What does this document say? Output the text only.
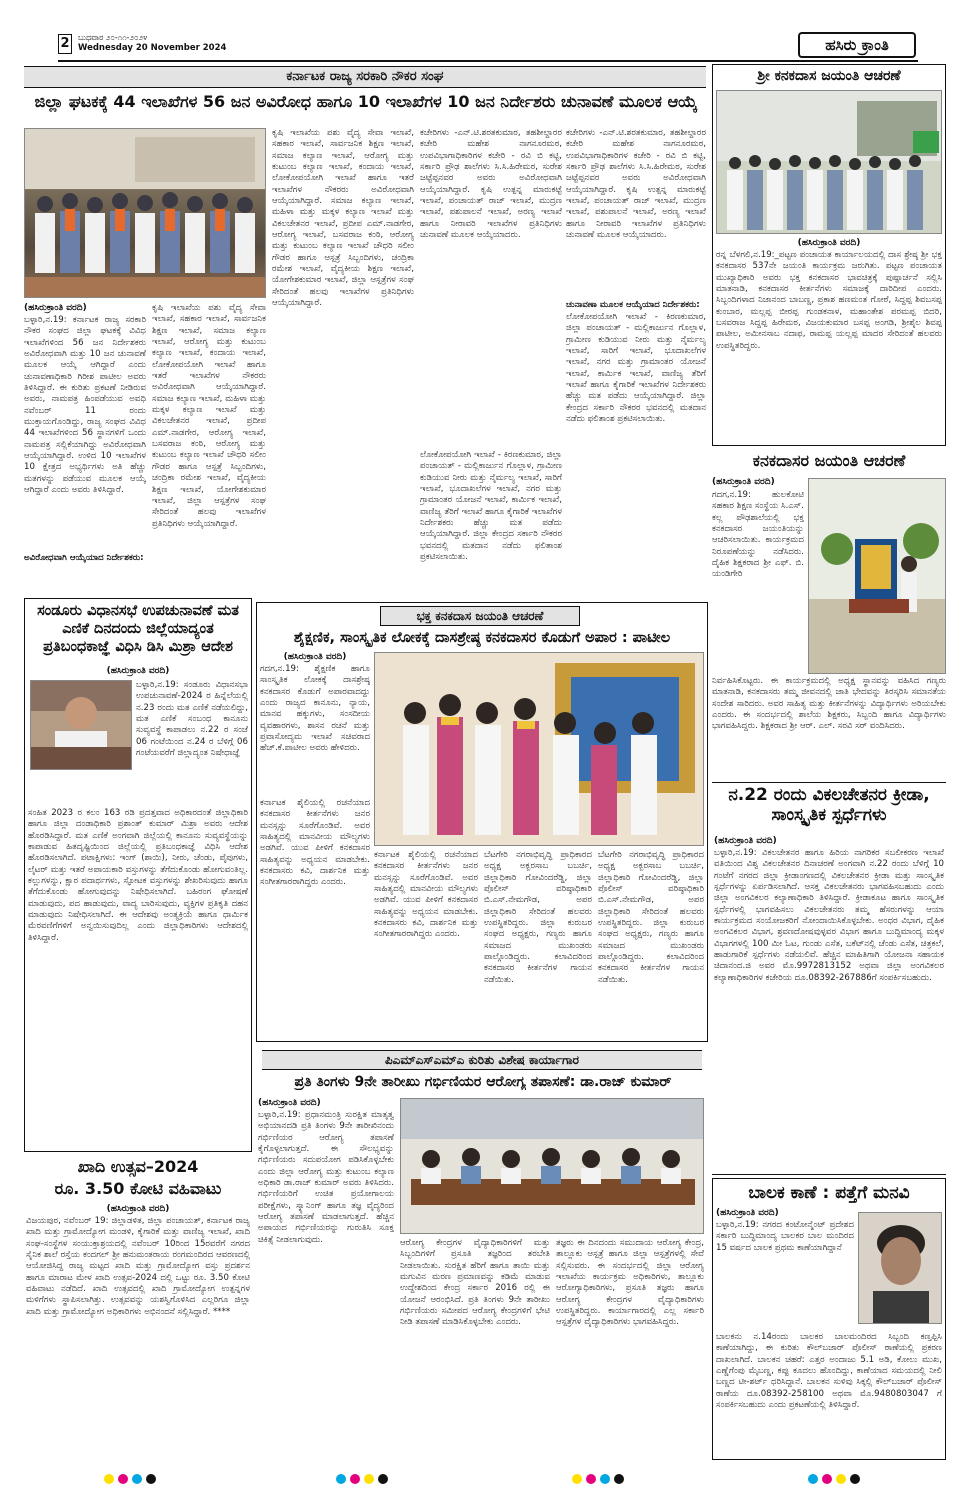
2	ಬುಧವಾರ ೨೦-೧೧-೨೦೨೪
Wednesday 20 November 2024	ಹಸಿರು ಕ್ರಾಂತಿ
ಕರ್ನಾಟಕ ರಾಜ್ಯ ಸರಕಾರಿ ನೌಕರ ಸಂಘ
ಜಿಲ್ಲಾ ಘಟಕಕ್ಕೆ 44 ಇಲಾಖೆಗಳ 56 ಜನ ಅವಿರೋಧ ಹಾಗೂ 10 ಇಲಾಖೆಗಳ 10 ಜನ ನಿರ್ದೇಶರು ಚುನಾವಣೆ ಮೂಲಕ ಆಯ್ಕೆ
(ಹಸಿರುಕ್ರಾಂತಿ ವರದಿ)
ಬಳ್ಳಾರಿ,ನ.19: ಕರ್ನಾಟಕ ರಾಜ್ಯ ಸರಕಾರಿ ನೌಕರ ಸಂಘದ ಜಿಲ್ಲಾ ಘಟಕಕ್ಕೆ ವಿವಿಧ ಇಲಾಖೆಗಳಿಂದ 56 ಜನ ನಿರ್ದೇಶಕರು ಅವಿರೋಧವಾಗಿ ಮತ್ತು 10 ಜನ ಚುನಾವಣೆ ಮೂಲಕ ಆಯ್ಕೆ ಆಗಿದ್ದಾರೆ ಎಂದು ಚುನಾವಣಾಧಿಕಾರಿ ಗಿರೀಶ ಪಾಟೀಲ ಅವರು ತಿಳಿಸಿದ್ದಾರೆ. ಈ ಕುರಿತು ಪ್ರಕಟಣೆ ನೀಡಿರುವ ಅವರು, ನಾಮಪತ್ರ ಹಿಂಪಡೆಯುವ ಅವಧಿ ನವೆಂಬರ್ 11 ರಂದು ಮುಕ್ತಾಯಗೊಂಡಿದ್ದು, ರಾಜ್ಯ ಸಂಘದ ವಿವಿಧ 44 ಇಲಾಖೆಗಳಿಂದ 56 ಸ್ಥಾನಗಳಿಗೆ ಒಂದು ನಾಮಪತ್ರ ಸಲ್ಲಿಕೆಯಾಗಿದ್ದು ಅವಿರೋಧವಾಗಿ ಆಯ್ಕೆಯಾಗಿದ್ದಾರೆ. ಉಳಿದ 10 ಇಲಾಖೆಗಳ 10 ಕ್ಷೇತ್ರದ ಅಭ್ಯರ್ಥಿಗಳು ಅತಿ ಹೆಚ್ಚು ಮತಗಳನ್ನು ಪಡೆಯುವ ಮೂಲಕ ಆಯ್ಕೆ ಆಗಿದ್ದಾರೆ ಎಂದು ಅವರು ತಿಳಿಸಿದ್ದಾರೆ.
ಅವಿರೋಧವಾಗಿ ಆಯ್ಕೆಯಾದ ನಿರ್ದೇಶಕರು:
ಕೃಷಿ ಇಲಾಖೆಯ ಪಶು ವೈದ್ಯ ಸೇವಾ ಇಲಾಖೆ, ಸಹಕಾರ ಇಲಾಖೆ, ಸಾರ್ವಜನಿಕ ಶಿಕ್ಷಣ ಇಲಾಖೆ, ಸಮಾಜ ಕಲ್ಯಾಣ ಇಲಾಖೆ, ಆರೋಗ್ಯ ಮತ್ತು ಕುಟುಂಬ ಕಲ್ಯಾಣ ಇಲಾಖೆ, ಕಂದಾಯ ಇಲಾಖೆ, ಲೋಕೋಪಯೋಗಿ ಇಲಾಖೆ ಹಾಗೂ ಇತರೆ ಇಲಾಖೆಗಳ ನೌಕರರು ಅವಿರೋಧವಾಗಿ ಆಯ್ಕೆಯಾಗಿದ್ದಾರೆ. ಸಮಾಜ ಕಲ್ಯಾಣ ಇಲಾಖೆ, ಮಹಿಳಾ ಮತ್ತು ಮಕ್ಕಳ ಕಲ್ಯಾಣ ಇಲಾಖೆ ಮತ್ತು ವಿಕಲಚೇತನರ ಇಲಾಖೆ, ಪ್ರದೀಪ ಎಮ್.ನಾಡಗೇರ, ಆರೋಗ್ಯ ಇಲಾಖೆ, ಬಸವರಾಜ ಕಂಠಿ, ಆರೋಗ್ಯ ಮತ್ತು ಕುಟುಂಬ ಕಲ್ಯಾಣ ಇಲಾಖೆ ಚೌಧರಿ ಸಲೀಂ ಗೌಡರ ಹಾಗೂ ಆಸ್ಪತ್ರೆ ಸಿಬ್ಬಂದಿಗಳು, ಚಂದ್ರಿಕಾ ರಮೇಶ ಇಲಾಖೆ, ವೈದ್ಯಕೀಯ ಶಿಕ್ಷಣ ಇಲಾಖೆ, ಯೋಗೇಶಕುಮಾರ ಇಲಾಖೆ, ಜಿಲ್ಲಾ ಆಸ್ಪತ್ರೆಗಳ ಸಂಘ ಸೇರಿದಂತೆ ಹಲವು ಇಲಾಖೆಗಳ ಪ್ರತಿನಿಧಿಗಳು ಆಯ್ಕೆಯಾಗಿದ್ದಾರೆ.
ಕೃಷಿ ಇಲಾಖೆಯ ಪಶು ವೈದ್ಯ ಸೇವಾ ಇಲಾಖೆ, ಸಹಕಾರ ಇಲಾಖೆ, ಸಾರ್ವಜನಿಕ ಶಿಕ್ಷಣ ಇಲಾಖೆ, ಸಮಾಜ ಕಲ್ಯಾಣ ಇಲಾಖೆ, ಆರೋಗ್ಯ ಮತ್ತು ಕುಟುಂಬ ಕಲ್ಯಾಣ ಇಲಾಖೆ, ಕಂದಾಯ ಇಲಾಖೆ, ಲೋಕೋಪಯೋಗಿ ಇಲಾಖೆ ಹಾಗೂ ಇತರೆ ಇಲಾಖೆಗಳ ನೌಕರರು ಅವಿರೋಧವಾಗಿ ಆಯ್ಕೆಯಾಗಿದ್ದಾರೆ. ಸಮಾಜ ಕಲ್ಯಾಣ ಇಲಾಖೆ, ಮಹಿಳಾ ಮತ್ತು ಮಕ್ಕಳ ಕಲ್ಯಾಣ ಇಲಾಖೆ ಮತ್ತು ವಿಕಲಚೇತನರ ಇಲಾಖೆ, ಪ್ರದೀಪ ಎಮ್.ನಾಡಗೇರ, ಆರೋಗ್ಯ ಇಲಾಖೆ, ಬಸವರಾಜ ಕಂಠಿ, ಆರೋಗ್ಯ ಮತ್ತು ಕುಟುಂಬ ಕಲ್ಯಾಣ ಇಲಾಖೆ ಚೌಧರಿ ಸಲೀಂ ಗೌಡರ ಹಾಗೂ ಆಸ್ಪತ್ರೆ ಸಿಬ್ಬಂದಿಗಳು, ಚಂದ್ರಿಕಾ ರಮೇಶ ಇಲಾಖೆ, ವೈದ್ಯಕೀಯ ಶಿಕ್ಷಣ ಇಲಾಖೆ, ಯೋಗೇಶಕುಮಾರ ಇಲಾಖೆ, ಜಿಲ್ಲಾ ಆಸ್ಪತ್ರೆಗಳ ಸಂಘ ಸೇರಿದಂತೆ ಹಲವು ಇಲಾಖೆಗಳ ಪ್ರತಿನಿಧಿಗಳು ಆಯ್ಕೆಯಾಗಿದ್ದಾರೆ.
ಕಚೇರಿಗಳು -ಎನ್.ಟಿ.ಶರತಕುಮಾರ, ತಹಶೀಲ್ದಾರರ ಕಚೇರಿ ಮಹೇಶ ನಾಗನೂರಮಠ, ಉಪವಿಭಾಗಾಧಿಕಾರಿಗಳ ಕಚೇರಿ - ರವಿ ಬಿ ಕಟ್ಟಿ, ಸರ್ಕಾರಿ ಪ್ರೌಢ ಶಾಲೆಗಳು ಸಿ.ಸಿ.ಹಿರೇಮಠ, ಸುರೇಶ ಜಟ್ಟೆಪ್ಪನವರ ಅವರು ಅವಿರೋಧವಾಗಿ ಆಯ್ಕೆಯಾಗಿದ್ದಾರೆ. ಕೃಷಿ ಉತ್ಪನ್ನ ಮಾರುಕಟ್ಟೆ ಇಲಾಖೆ, ಪಂಚಾಯತ್ ರಾಜ್ ಇಲಾಖೆ, ಮುದ್ರಣ ಇಲಾಖೆ, ಪಶುಪಾಲನೆ ಇಲಾಖೆ, ಅರಣ್ಯ ಇಲಾಖೆ ಹಾಗೂ ನೀರಾವರಿ ಇಲಾಖೆಗಳ ಪ್ರತಿನಿಧಿಗಳು ಚುನಾವಣೆ ಮೂಲಕ ಆಯ್ಕೆಯಾದರು.
ಚುನಾವಣಾ ಮೂಲಕ ಆಯ್ಕೆಯಾದ ನಿರ್ದೇಶಕರು:
ಕಚೇರಿಗಳು -ಎನ್.ಟಿ.ಶರತಕುಮಾರ, ತಹಶೀಲ್ದಾರರ ಕಚೇರಿ ಮಹೇಶ ನಾಗನೂರಮಠ, ಉಪವಿಭಾಗಾಧಿಕಾರಿಗಳ ಕಚೇರಿ - ರವಿ ಬಿ ಕಟ್ಟಿ, ಸರ್ಕಾರಿ ಪ್ರೌಢ ಶಾಲೆಗಳು ಸಿ.ಸಿ.ಹಿರೇಮಠ, ಸುರೇಶ ಜಟ್ಟೆಪ್ಪನವರ ಅವರು ಅವಿರೋಧವಾಗಿ ಆಯ್ಕೆಯಾಗಿದ್ದಾರೆ. ಕೃಷಿ ಉತ್ಪನ್ನ ಮಾರುಕಟ್ಟೆ ಇಲಾಖೆ, ಪಂಚಾಯತ್ ರಾಜ್ ಇಲಾಖೆ, ಮುದ್ರಣ ಇಲಾಖೆ, ಪಶುಪಾಲನೆ ಇಲಾಖೆ, ಅರಣ್ಯ ಇಲಾಖೆ ಹಾಗೂ ನೀರಾವರಿ ಇಲಾಖೆಗಳ ಪ್ರತಿನಿಧಿಗಳು ಚುನಾವಣೆ ಮೂಲಕ ಆಯ್ಕೆಯಾದರು.
ಲೋಕೋಪಯೋಗಿ ಇಲಾಖೆ - ಕಿರಣಕುಮಾರ, ಜಿಲ್ಲಾ ಪಂಚಾಯತ್ - ಮಲ್ಲಿಕಾರ್ಜುನ ಗೊಲ್ಲಾಳ, ಗ್ರಾಮೀಣ ಕುಡಿಯುವ ನೀರು ಮತ್ತು ನೈರ್ಮಲ್ಯ ಇಲಾಖೆ, ಸಾರಿಗೆ ಇಲಾಖೆ, ಭೂದಾಖಲೆಗಳ ಇಲಾಖೆ, ನಗರ ಮತ್ತು ಗ್ರಾಮಾಂತರ ಯೋಜನೆ ಇಲಾಖೆ, ಕಾರ್ಮಿಕ ಇಲಾಖೆ, ವಾಣಿಜ್ಯ ತೆರಿಗೆ ಇಲಾಖೆ ಹಾಗೂ ಕೈಗಾರಿಕೆ ಇಲಾಖೆಗಳ ನಿರ್ದೇಶಕರು ಹೆಚ್ಚು ಮತ ಪಡೆದು ಆಯ್ಕೆಯಾಗಿದ್ದಾರೆ. ಜಿಲ್ಲಾ ಕೇಂದ್ರದ ಸರ್ಕಾರಿ ನೌಕರರ ಭವನದಲ್ಲಿ ಮತದಾನ ನಡೆದು ಫಲಿತಾಂಶ ಪ್ರಕಟಿಸಲಾಯಿತು.
ಲೋಕೋಪಯೋಗಿ ಇಲಾಖೆ - ಕಿರಣಕುಮಾರ, ಜಿಲ್ಲಾ ಪಂಚಾಯತ್ - ಮಲ್ಲಿಕಾರ್ಜುನ ಗೊಲ್ಲಾಳ, ಗ್ರಾಮೀಣ ಕುಡಿಯುವ ನೀರು ಮತ್ತು ನೈರ್ಮಲ್ಯ ಇಲಾಖೆ, ಸಾರಿಗೆ ಇಲಾಖೆ, ಭೂದಾಖಲೆಗಳ ಇಲಾಖೆ, ನಗರ ಮತ್ತು ಗ್ರಾಮಾಂತರ ಯೋಜನೆ ಇಲಾಖೆ, ಕಾರ್ಮಿಕ ಇಲಾಖೆ, ವಾಣಿಜ್ಯ ತೆರಿಗೆ ಇಲಾಖೆ ಹಾಗೂ ಕೈಗಾರಿಕೆ ಇಲಾಖೆಗಳ ನಿರ್ದೇಶಕರು ಹೆಚ್ಚು ಮತ ಪಡೆದು ಆಯ್ಕೆಯಾಗಿದ್ದಾರೆ. ಜಿಲ್ಲಾ ಕೇಂದ್ರದ ಸರ್ಕಾರಿ ನೌಕರರ ಭವನದಲ್ಲಿ ಮತದಾನ ನಡೆದು ಫಲಿತಾಂಶ ಪ್ರಕಟಿಸಲಾಯಿತು.
ಶ್ರೀ ಕನಕದಾಸ ಜಯಂತಿ ಆಚರಣೆ
(ಹಸಿರುಕ್ರಾಂತಿ ವರದಿ)
ರನ್ನ ಬೆಳಗಲಿ,ನ.19:_ಪಟ್ಟಣ ಪಂಚಾಯತ ಕಾರ್ಯಾಲಯದಲ್ಲಿ ದಾಸ ಶ್ರೇಷ್ಠ ಶ್ರೀ ಭಕ್ತ ಕನಕದಾಸರ 537ನೇ ಜಯಂತಿ ಕಾರ್ಯಕ್ರಮ ಜರುಗಿತು. ಪಟ್ಟಣ ಪಂಚಾಯತ ಮುಖ್ಯಾಧಿಕಾರಿ ಅವರು ಭಕ್ತ ಕನಕದಾಸರ ಭಾವಚಿತ್ರಕ್ಕೆ ಪುಷ್ಪಾರ್ಚನೆ ಸಲ್ಲಿಸಿ ಮಾತನಾಡಿ, ಕನಕದಾಸರ ಕೀರ್ತನೆಗಳು ಸಮಾಜಕ್ಕೆ ದಾರಿದೀಪ ಎಂದರು. ಸಿಬ್ಬಂದಿಗಳಾದ ನಿಜಾನಂದ ಬಾಬಣ್ಣ, ಪ್ರಕಾಶ ಹಣಮಂತ ಗೋಠೆ, ಸಿದ್ದಪ್ಪ ಶಿವಬಸಪ್ಪ ಕುಂಬಾರ, ಮಲ್ಲಪ್ಪ ಬೀರಪ್ಪ ಗುಂಡಕನಾಳ, ಮಹಾಂತೇಶ ಪರಮಪ್ಪ ಬಿದರಿ, ಬಸವರಾಜ ಸಿದ್ದಪ್ಪ ಹಿರೇಮಠ, ವಿಜಯಕುಮಾರ ಬಸಪ್ಪ ಅಂಗಡಿ, ಶ್ರೀಶೈಲ ಶಿವಪ್ಪ ಪಾಟೀಲ, ಅಮೀನಸಾಬ ನದಾಫ, ರಾಮಪ್ಪ ಯಲ್ಲಪ್ಪ ಮಾದರ ಸೇರಿದಂತೆ ಹಲವರು ಉಪಸ್ಥಿತರಿದ್ದರು.
ಕನಕದಾಸರ ಜಯಂತಿ ಆಚರಣೆ
(ಹಸಿರುಕ್ರಾಂತಿ ವರದಿ)
ಗದಗ,ನ.19: ಹುಲಕೋಟಿ ಸಹಕಾರ ಶಿಕ್ಷಣ ಸಂಸ್ಥೆಯ ಸಿ.ಎಸ್. ಕಲ್ಲ ಪೌಢಶಾಲೆಯಲ್ಲಿ ಭಕ್ತ ಕನಕದಾಸರ ಜಯಂತಿಯನ್ನು ಆಚರಿಸಲಾಯಿತು. ಕಾರ್ಯಕ್ರಮದ ನಿರೂಪಣೆಯನ್ನು ನಡೆಸಿದರು. ದೈಹಿಕ ಶಿಕ್ಷಕರಾದ ಶ್ರೀ ಎಫ್. ಬಿ. ಯಂಡಿಗೇರಿ
ನಿರ್ವಹಿಸಿಕೊಟ್ಟರು. ಈ ಕಾರ್ಯಕ್ರಮದಲ್ಲಿ ಅಧ್ಯಕ್ಷ ಸ್ಥಾನವನ್ನು ವಹಿಸಿದ ಗಣ್ಯರು ಮಾತನಾಡಿ, ಕನಕದಾಸರು ತಮ್ಮ ಜೀವನದಲ್ಲಿ ಜಾತಿ ಭೇದವನ್ನು ತಿರಸ್ಕರಿಸಿ ಸಮಾನತೆಯ ಸಂದೇಶ ಸಾರಿದರು. ಅವರ ಸಾಹಿತ್ಯ ಮತ್ತು ಕೀರ್ತನೆಗಳನ್ನು ವಿದ್ಯಾರ್ಥಿಗಳು ಅರಿಯಬೇಕು ಎಂದರು. ಈ ಸಂದರ್ಭದಲ್ಲಿ ಶಾಲೆಯ ಶಿಕ್ಷಕರು, ಸಿಬ್ಬಂದಿ ಹಾಗೂ ವಿದ್ಯಾರ್ಥಿಗಳು ಭಾಗವಹಿಸಿದ್ದರು. ಶಿಕ್ಷಕರಾದ ಶ್ರೀ ಆರ್. ಎಲ್. ಸರವಿ ಸರ್ ವಂದಿಸಿದರು.
ನ.22 ರಂದು ವಿಕಲಚೇತನರ ಕ್ರೀಡಾ, ಸಾಂಸ್ಕೃತಿಕ ಸ್ಪರ್ಧೆಗಳು
(ಹಸಿರುಕ್ರಾಂತಿ ವರದಿ)
ಬಳ್ಳಾರಿ,ನ.19: ವಿಕಲಚೇತನರ ಹಾಗೂ ಹಿರಿಯ ನಾಗರಿಕರ ಸಬಲೀಕರಣ ಇಲಾಖೆ ವತಿಯಿಂದ ವಿಶ್ವ ವಿಕಲಚೇತನರ ದಿನಾಚರಣೆ ಅಂಗವಾಗಿ ನ.22 ರಂದು ಬೆಳಿಗ್ಗೆ 10 ಗಂಟೆಗೆ ನಗರದ ಜಿಲ್ಲಾ ಕ್ರೀಡಾಂಗಣದಲ್ಲಿ ವಿಕಲಚೇತನರ ಕ್ರೀಡಾ ಮತ್ತು ಸಾಂಸ್ಕೃತಿಕ ಸ್ಪರ್ಧೆಗಳನ್ನು ಏರ್ಪಡಿಸಲಾಗಿದೆ. ಆಸಕ್ತ ವಿಕಲಚೇತನರು ಭಾಗವಹಿಸಬಹುದು ಎಂದು ಜಿಲ್ಲಾ ಅಂಗವಿಕಲರ ಕಲ್ಯಾಣಾಧಿಕಾರಿ ತಿಳಿಸಿದ್ದಾರೆ. ಕ್ರೀಡಾಕೂಟ ಹಾಗೂ ಸಾಂಸ್ಕೃತಿಕ ಸ್ಪರ್ಧೆಗಳಲ್ಲಿ ಭಾಗವಹಿಸಲು ವಿಕಲಚೇತನರು ತಮ್ಮ ಹೆಸರುಗಳನ್ನು ಆಯಾ ಕಾರ್ಯಕ್ರಮದ ಸಂಯೋಜಕರಿಗೆ ನೋಂದಾಯಿಸಿಕೊಳ್ಳಬೇಕು. ಅಂಧರ ವಿಭಾಗ, ದೈಹಿಕ ಅಂಗವಿಕಲರ ವಿಭಾಗ, ಶ್ರವಣದೋಷವುಳ್ಳವರ ವಿಭಾಗ ಹಾಗೂ ಬುದ್ಧಿಮಾಂದ್ಯ ಮಕ್ಕಳ ವಿಭಾಗಗಳಲ್ಲಿ 100 ಮೀ ಓಟ, ಗುಂಡು ಎಸೆತ, ಬಕೆಟ್‌ನಲ್ಲಿ ಚೆಂಡು ಎಸೆತ, ಚಿತ್ರಕಲೆ, ಹಾಡುಗಾರಿಕೆ ಸ್ಪರ್ಧೆಗಳು ನಡೆಯಲಿವೆ. ಹೆಚ್ಚಿನ ಮಾಹಿತಿಗಾಗಿ ಯೋಜನಾ ಸಹಾಯಕ ಚಿದಾನಂದ.ಜಿ ಅವರ ಮೊ.9972813152 ಅಥವಾ ಜಿಲ್ಲಾ ಅಂಗವಿಕಲರ ಕಲ್ಯಾಣಾಧಿಕಾರಿಗಳ ಕಚೇರಿಯ ದೂ.08392-267886ಗೆ ಸಂಪರ್ಕಿಸಬಹುದು.
ಬಾಲಕ ಕಾಣೆ : ಪತ್ತೆಗೆ ಮನವಿ
(ಹಸಿರುಕ್ರಾಂತಿ ವರದಿ)
ಬಳ್ಳಾರಿ,ನ.19: ನಗರದ ಕಂಟೋನ್ಮೆಂಟ್ ಪ್ರದೇಶದ ಸರ್ಕಾರಿ ಬುದ್ಧಿಮಾಂದ್ಯ ಬಾಲಕರ ಬಾಲ ಮಂದಿರದ 15 ವರ್ಷದ ಬಾಲಕ ಪ್ರಥಮ ಕಾಣೆಯಾಗಿದ್ದಾನೆ
ಬಾಲಕನು ನ.14ರಂದು ಬಾಲಕರ ಬಾಲಮಂದಿರದ ಸಿಬ್ಬಂದಿ ಕಣ್ತಪ್ಪಿಸಿ ಕಾಣೆಯಾಗಿದ್ದು, ಈ ಕುರಿತು ಕೌಲ್‌ಬಜಾರ್ ಪೊಲೀಸ್ ಠಾಣೆಯಲ್ಲಿ ಪ್ರಕರಣ ದಾಖಲಾಗಿದೆ. ಬಾಲಕನ ಚಹರೆ: ಎತ್ತರ ಅಂದಾಜು 5.1 ಅಡಿ, ಕೋಲು ಮುಖ, ಎಣ್ಣೆಗೆಂಪು ಮೈಬಣ್ಣ, ಕಪ್ಪು ಕೂದಲು ಹೊಂದಿದ್ದು, ಕಾಣೆಯಾದ ಸಮಯದಲ್ಲಿ ನೀಲಿ ಬಣ್ಣದ ಟೀ-ಶರ್ಟ್ ಧರಿಸಿದ್ದಾನೆ. ಬಾಲಕನ ಸುಳಿವು ಸಿಕ್ಕಲ್ಲಿ ಕೌಲ್‌ಬಜಾರ್ ಪೊಲೀಸ್ ಠಾಣೆಯ ದೂ.08392-258100 ಅಥವಾ ಮೊ.9480803047 ಗೆ ಸಂಪರ್ಕಿಸಬಹುದು ಎಂದು ಪ್ರಕಟಣೆಯಲ್ಲಿ ತಿಳಿಸಿದ್ದಾರೆ.
ಸಂಡೂರು ವಿಧಾನಸಭೆ ಉಪಚುನಾವಣೆ ಮತ ಎಣಿಕೆ ದಿನದಂದು ಜಿಲ್ಲೆಯಾದ್ಯಂತ ಪ್ರತಿಬಂಧಕಾಜ್ಞೆ ವಿಧಿಸಿ ಡಿಸಿ ಮಿಶ್ರಾ ಆದೇಶ
(ಹಸಿರುಕ್ರಾಂತಿ ವರದಿ)
ಬಳ್ಳಾರಿ,ನ.19: ಸಂಡೂರು ವಿಧಾನಸಭಾ ಉಪಚುನಾವಣೆ-2024 ರ ಹಿನ್ನೆಲೆಯಲ್ಲಿ ನ.23 ರಂದು ಮತ ಎಣಿಕೆ ನಡೆಯಲಿದ್ದು, ಮತ ಎಣಿಕೆ ಸಂಬಂಧ ಕಾನೂನು ಸುವ್ಯವಸ್ಥೆ ಕಾಪಾಡಲು ನ.22 ರ ಸಂಜೆ 06 ಗಂಟೆಯಿಂದ ನ.24 ರ ಬೆಳಿಗ್ಗೆ 06 ಗಂಟೆಯವರೆಗೆ ಜಿಲ್ಲಾದ್ಯಂತ ನಿಷೇಧಾಜ್ಞೆ
ಸಂಹಿತ 2023 ರ ಕಲಂ 163 ರಡಿ ಪ್ರದತ್ತವಾದ ಅಧಿಕಾರದಂತೆ ಜಿಲ್ಲಾಧಿಕಾರಿ ಹಾಗೂ ಜಿಲ್ಲಾ ದಂಡಾಧಿಕಾರಿ ಪ್ರಶಾಂತ್ ಕುಮಾರ್ ಮಿಶ್ರಾ ಅವರು ಆದೇಶ ಹೊರಡಿಸಿದ್ದಾರೆ. ಮತ ಎಣಿಕೆ ಅಂಗವಾಗಿ ಜಿಲ್ಲೆಯಲ್ಲಿ ಕಾನೂನು ಸುವ್ಯವಸ್ಥೆಯನ್ನು ಕಾಪಾಡುವ ಹಿತದೃಷ್ಟಿಯಿಂದ ಜಿಲ್ಲೆಯಲ್ಲಿ ಪ್ರತಿಬಂಧಕಾಜ್ಞೆ ವಿಧಿಸಿ ಆದೇಶ ಹೊರಡಿಸಲಾಗಿದೆ. ಪಟಾಕ್ಷಿಗಳು: ಇಂಗ್ (ಶಾಯಿ), ನೀರು, ಚೆಂಡು, ಪೈಪುಗಳು, ಲೈಟರ್ ಮತ್ತು ಇತರೆ ಅಪಾಯಕಾರಿ ವಸ್ತುಗಳನ್ನು ತೆಗೆದುಕೊಂಡು ಹೋಗುವಂತಿಲ್ಲ. ಕಲ್ಲುಗಳನ್ನು, ಕ್ಷಾರ ಪದಾರ್ಥಗಳು, ಸ್ಫೋಟಕ ವಸ್ತುಗಳನ್ನು ಶೇಖರಿಸುವುದು ಹಾಗೂ ತೆಗೆದುಕೊಂಡು ಹೋಗುವುದನ್ನು ನಿಷೇಧಿಸಲಾಗಿದೆ. ಬಹಿರಂಗ ಘೋಷಣೆ ಮಾಡುವುದು, ಪದ ಹಾಡುವುದು, ವಾದ್ಯ ಬಾರಿಸುವುದು, ವ್ಯಕ್ತಿಗಳ ಪ್ರತಿಕೃತಿ ದಹನ ಮಾಡುವುದು ನಿಷೇಧಿಸಲಾಗಿದೆ. ಈ ಆದೇಶವು ಅಂತ್ಯಕ್ರಿಯೆ ಹಾಗೂ ಧಾರ್ಮಿಕ ಮೆರವಣಿಗೆಗಳಿಗೆ ಅನ್ವಯಿಸುವುದಿಲ್ಲ ಎಂದು ಜಿಲ್ಲಾಧಿಕಾರಿಗಳು ಆದೇಶದಲ್ಲಿ ತಿಳಿಸಿದ್ದಾರೆ.
ಖಾದಿ ಉತ್ಸವ–2024
ರೂ. 3.50 ಕೋಟಿ ವಹಿವಾಟು
(ಹಸಿರುಕ್ರಾಂತಿ ವರದಿ)
ವಿಜಯಪುರ, ನವೆಂಬರ್ 19: ಜಿಲ್ಲಾಡಳಿತ, ಜಿಲ್ಲಾ ಪಂಚಾಯತ್, ಕರ್ನಾಟಕ ರಾಜ್ಯ ಖಾದಿ ಮತ್ತು ಗ್ರಾಮೋದ್ಯೋಗ ಮಂಡಳಿ, ಕೈಗಾರಿಕೆ ಮತ್ತು ವಾಣಿಜ್ಯ ಇಲಾಖೆ, ಖಾದಿ ಸಂಘ-ಸಂಸ್ಥೆಗಳ ಸಂಯುಕ್ತಾಶ್ರಯದಲ್ಲಿ ನವೆಂಬರ್ 10ರಿಂದ 15ರವರೆಗೆ ನಗರದ ಸೈನಿಕ ಶಾಲೆ ರಸ್ತೆಯ ಕಂದಗಲ್ ಶ್ರೀ ಹನುಮಂತರಾಯ ರಂಗಮಂದಿರದ ಆವರಣದಲ್ಲಿ ಆಯೋಜಿಸಿದ್ದ ರಾಜ್ಯ ಮಟ್ಟದ ಖಾದಿ ಮತ್ತು ಗ್ರಾಮೋದ್ಯೋಗ ವಸ್ತು ಪ್ರದರ್ಶನ ಹಾಗೂ ಮಾರಾಟ ಮೇಳ ಖಾದಿ ಉತ್ಸವ-2024 ದಲ್ಲಿ ಒಟ್ಟು ರೂ. 3.50 ಕೋಟಿ ವಹಿವಾಟು ನಡೆದಿದೆ. ಖಾದಿ ಉತ್ಸವದಲ್ಲಿ ಖಾದಿ ಗ್ರಾಮೋದ್ಯೋಗ ಉತ್ಪನ್ನಗಳ ಮಳಿಗೆಗಳು ಸ್ಥಾಪಿಸಲಾಗಿತ್ತು. ಉತ್ಸವವನ್ನು ಯಶಸ್ವಿಗೊಳಿಸಿದ ಎಲ್ಲರಿಗೂ ಜಿಲ್ಲಾ ಖಾದಿ ಮತ್ತು ಗ್ರಾಮೋದ್ಯೋಗ ಅಧಿಕಾರಿಗಳು ಅಭಿನಂದನೆ ಸಲ್ಲಿಸಿದ್ದಾರೆ. ****
ಭಕ್ತ ಕನಕದಾಸ ಜಯಂತಿ ಆಚರಣೆ
ಶೈಕ್ಷಣಿಕ, ಸಾಂಸ್ಕೃತಿಕ ಲೋಕಕ್ಕೆ ದಾಸಶ್ರೇಷ್ಠ ಕನಕದಾಸರ ಕೊಡುಗೆ ಅಪಾರ : ಪಾಟೀಲ
(ಹಸಿರುಕ್ರಾಂತಿ ವರದಿ)
ಗದಗ,ನ.19: ಶೈಕ್ಷಣಿಕ ಹಾಗೂ ಸಾಂಸ್ಕೃತಿಕ ಲೋಕಕ್ಕೆ ದಾಸಶ್ರೇಷ್ಠ ಕನಕದಾಸರ ಕೊಡುಗೆ ಅಪಾರವಾದದ್ದು ಎಂದು ರಾಜ್ಯದ ಕಾನೂನು, ನ್ಯಾಯ, ಮಾನವ ಹಕ್ಕುಗಳು, ಸಂಸದೀಯ ವ್ಯವಹಾರಗಳು, ಶಾಸನ ರಚನೆ ಮತ್ತು ಪ್ರವಾಸೋದ್ಯಮ ಇಲಾಖೆ ಸಚಿವರಾದ ಹೆಚ್.ಕೆ.ಪಾಟೀಲ ಅವರು ಹೇಳಿದರು.
ಕರ್ನಾಟಕ ಶೈಲಿಯಲ್ಲಿ ರಚನೆಯಾದ ಕನಕದಾಸರ ಕೀರ್ತನೆಗಳು ಜನರ ಮನಸ್ಸನ್ನು ಸೂರೆಗೊಂಡಿವೆ. ಅವರ ಸಾಹಿತ್ಯದಲ್ಲಿ ಮಾನವೀಯ ಮೌಲ್ಯಗಳು ಅಡಗಿವೆ. ಯುವ ಪೀಳಿಗೆ ಕನಕದಾಸರ ಸಾಹಿತ್ಯವನ್ನು ಅಧ್ಯಯನ ಮಾಡಬೇಕು. ಕನಕದಾಸರು ಕವಿ, ದಾರ್ಶನಿಕ ಮತ್ತು ಸಂಗೀತಗಾರರಾಗಿದ್ದರು ಎಂದರು.
ಕರ್ನಾಟಕ ಶೈಲಿಯಲ್ಲಿ ರಚನೆಯಾದ ಕನಕದಾಸರ ಕೀರ್ತನೆಗಳು ಜನರ ಮನಸ್ಸನ್ನು ಸೂರೆಗೊಂಡಿವೆ. ಅವರ ಸಾಹಿತ್ಯದಲ್ಲಿ ಮಾನವೀಯ ಮೌಲ್ಯಗಳು ಅಡಗಿವೆ. ಯುವ ಪೀಳಿಗೆ ಕನಕದಾಸರ ಸಾಹಿತ್ಯವನ್ನು ಅಧ್ಯಯನ ಮಾಡಬೇಕು. ಕನಕದಾಸರು ಕವಿ, ದಾರ್ಶನಿಕ ಮತ್ತು ಸಂಗೀತಗಾರರಾಗಿದ್ದರು ಎಂದರು.
ಬೆಟಗೇರಿ ನಗರಾಭಿವೃದ್ಧಿ ಪ್ರಾಧಿಕಾರದ ಅಧ್ಯಕ್ಷ ಅಕ್ಬರಸಾಬ ಬಬರ್ಚಿ, ಜಿಲ್ಲಾಧಿಕಾರಿ ಗೋವಿಂದರೆಡ್ಡಿ, ಜಿಲ್ಲಾ ಪೊಲೀಸ್ ವರಿಷ್ಠಾಧಿಕಾರಿ ಬಿ.ಎಸ್.ನೇಮಗೌಡ, ಅಪರ ಜಿಲ್ಲಾಧಿಕಾರಿ ಸೇರಿದಂತೆ ಹಲವರು ಉಪಸ್ಥಿತರಿದ್ದರು. ಜಿಲ್ಲಾ ಕುರುಬರ ಸಂಘದ ಅಧ್ಯಕ್ಷರು, ಗಣ್ಯರು ಹಾಗೂ ಸಮಾಜದ ಮುಖಂಡರು ಪಾಲ್ಗೊಂಡಿದ್ದರು. ಕಲಾವಿದರಿಂದ ಕನಕದಾಸರ ಕೀರ್ತನೆಗಳ ಗಾಯನ ನಡೆಯಿತು.
ಬೆಟಗೇರಿ ನಗರಾಭಿವೃದ್ಧಿ ಪ್ರಾಧಿಕಾರದ ಅಧ್ಯಕ್ಷ ಅಕ್ಬರಸಾಬ ಬಬರ್ಚಿ, ಜಿಲ್ಲಾಧಿಕಾರಿ ಗೋವಿಂದರೆಡ್ಡಿ, ಜಿಲ್ಲಾ ಪೊಲೀಸ್ ವರಿಷ್ಠಾಧಿಕಾರಿ ಬಿ.ಎಸ್.ನೇಮಗೌಡ, ಅಪರ ಜಿಲ್ಲಾಧಿಕಾರಿ ಸೇರಿದಂತೆ ಹಲವರು ಉಪಸ್ಥಿತರಿದ್ದರು. ಜಿಲ್ಲಾ ಕುರುಬರ ಸಂಘದ ಅಧ್ಯಕ್ಷರು, ಗಣ್ಯರು ಹಾಗೂ ಸಮಾಜದ ಮುಖಂಡರು ಪಾಲ್ಗೊಂಡಿದ್ದರು. ಕಲಾವಿದರಿಂದ ಕನಕದಾಸರ ಕೀರ್ತನೆಗಳ ಗಾಯನ ನಡೆಯಿತು.
ಪಿಎಮ್‌ಎಸ್‌ಎಮ್‌ಎ ಕುರಿತು ವಿಶೇಷ ಕಾರ್ಯಾಗಾರ
ಪ್ರತಿ ತಿಂಗಳು 9ನೇ ತಾರೀಖು ಗರ್ಭಿಣಿಯರ ಆರೋಗ್ಯ ತಪಾಸಣೆ: ಡಾ.ರಾಜ್ ಕುಮಾರ್
(ಹಸಿರುಕ್ರಾಂತಿ ವರದಿ)
ಬಳ್ಳಾರಿ,ನ.19: ಪ್ರಧಾನಮಂತ್ರಿ ಸುರಕ್ಷಿತ ಮಾತೃತ್ವ ಅಭಿಯಾನದಡಿ ಪ್ರತಿ ತಿಂಗಳು 9ನೇ ತಾರೀಖಿನಂದು ಗರ್ಭಿಣಿಯರ ಆರೋಗ್ಯ ತಪಾಸಣೆ ಕೈಗೊಳ್ಳಲಾಗುತ್ತದೆ. ಈ ಸೌಲಭ್ಯವನ್ನು ಗರ್ಭಿಣಿಯರು ಸದುಪಯೋಗ ಪಡಿಸಿಕೊಳ್ಳಬೇಕು ಎಂದು ಜಿಲ್ಲಾ ಆರೋಗ್ಯ ಮತ್ತು ಕುಟುಂಬ ಕಲ್ಯಾಣ ಅಧಿಕಾರಿ ಡಾ.ರಾಜ್ ಕುಮಾರ್ ಅವರು ತಿಳಿಸಿದರು. ಗರ್ಭಿಣಿಯರಿಗೆ ಉಚಿತ ಪ್ರಯೋಗಾಲಯ ಪರೀಕ್ಷೆಗಳು, ಸ್ಕ್ಯಾನಿಂಗ್ ಹಾಗೂ ತಜ್ಞ ವೈದ್ಯರಿಂದ ಆರೋಗ್ಯ ತಪಾಸಣೆ ಮಾಡಲಾಗುತ್ತದೆ. ಹೆಚ್ಚಿನ ಅಪಾಯದ ಗರ್ಭಿಣಿಯರನ್ನು ಗುರುತಿಸಿ ಸೂಕ್ತ ಚಿಕಿತ್ಸೆ ನೀಡಲಾಗುವುದು.	ಆರೋಗ್ಯ ಕೇಂದ್ರಗಳ ವೈದ್ಯಾಧಿಕಾರಿಗಳಿಗೆ ಮತ್ತು ಸಿಬ್ಬಂದಿಗಳಿಗೆ ಪ್ರಸೂತಿ ತಜ್ಞರಿಂದ ತರಬೇತಿ ನೀಡಲಾಯಿತು. ಸುರಕ್ಷಿತ ಹೆರಿಗೆ ಹಾಗೂ ತಾಯಿ ಮತ್ತು ಮಗುವಿನ ಮರಣ ಪ್ರಮಾಣವನ್ನು ಕಡಿಮೆ ಮಾಡುವ ಉದ್ದೇಶದಿಂದ ಕೇಂದ್ರ ಸರ್ಕಾರ 2016 ರಲ್ಲಿ ಈ ಯೋಜನೆ ಆರಂಭಿಸಿದೆ. ಪ್ರತಿ ತಿಂಗಳು 9ನೇ ತಾರೀಖು ಗರ್ಭಿಣಿಯರು ಸಮೀಪದ ಆರೋಗ್ಯ ಕೇಂದ್ರಗಳಿಗೆ ಭೇಟಿ ನೀಡಿ ತಪಾಸಣೆ ಮಾಡಿಸಿಕೊಳ್ಳಬೇಕು ಎಂದರು.
ತಜ್ಞರು ಈ ದಿನದಂದು ಸಮುದಾಯ ಆರೋಗ್ಯ ಕೇಂದ್ರ, ತಾಲ್ಲೂಕು ಆಸ್ಪತ್ರೆ ಹಾಗೂ ಜಿಲ್ಲಾ ಆಸ್ಪತ್ರೆಗಳಲ್ಲಿ ಸೇವೆ ಸಲ್ಲಿಸುವರು. ಈ ಸಂದರ್ಭದಲ್ಲಿ ಜಿಲ್ಲಾ ಆರೋಗ್ಯ ಇಲಾಖೆಯ ಕಾರ್ಯಕ್ರಮ ಅಧಿಕಾರಿಗಳು, ತಾಲ್ಲೂಕು ಆರೋಗ್ಯಾಧಿಕಾರಿಗಳು, ಪ್ರಸೂತಿ ತಜ್ಞರು ಹಾಗೂ ಆರೋಗ್ಯ ಕೇಂದ್ರಗಳ ವೈದ್ಯಾಧಿಕಾರಿಗಳು ಉಪಸ್ಥಿತರಿದ್ದರು. ಕಾರ್ಯಾಗಾರದಲ್ಲಿ ಎಲ್ಲ ಸರ್ಕಾರಿ ಆಸ್ಪತ್ರೆಗಳ ವೈದ್ಯಾಧಿಕಾರಿಗಳು ಭಾಗವಹಿಸಿದ್ದರು.
